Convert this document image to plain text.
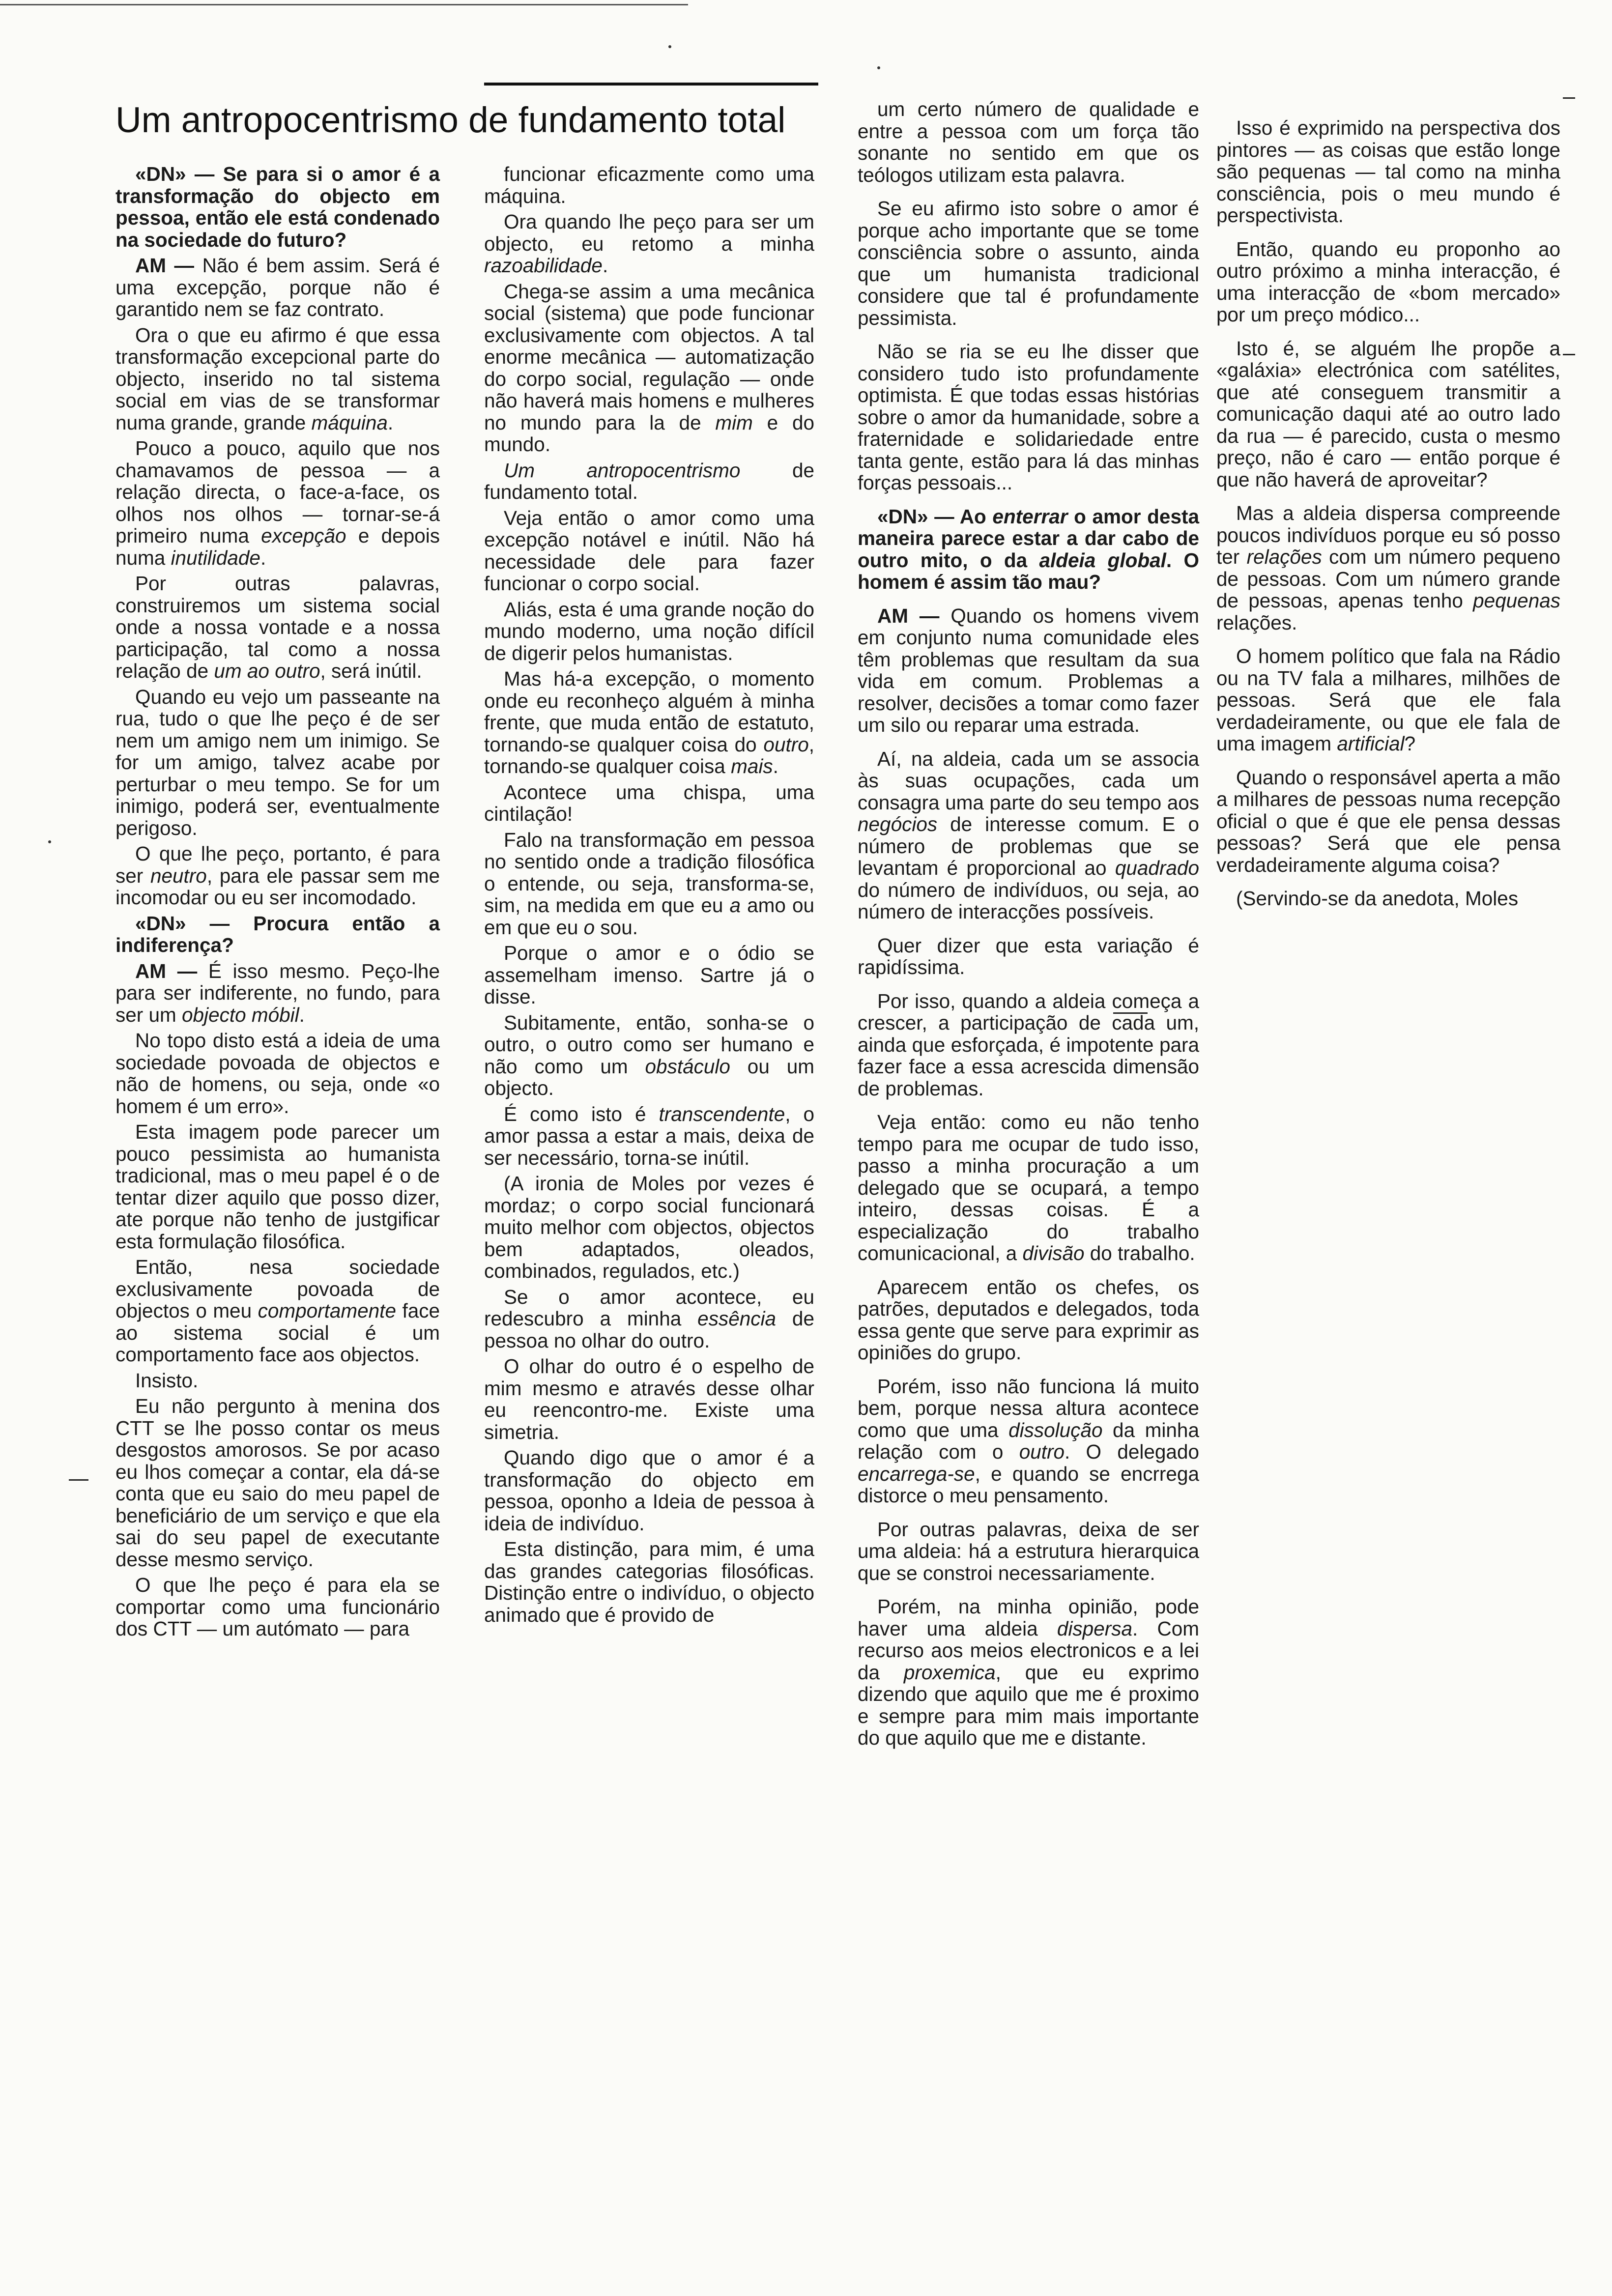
Um antropocentrismo de fundamento total

«DN» — Se para si o amor é a transformação do objecto em pessoa, então ele está condenado na sociedade do futuro?

AM — Não é bem assim. Será é uma excepção, porque não é garantido nem se faz contrato.

Ora o que eu afirmo é que essa transformação excepcional parte do objecto, inserido no tal sistema social em vias de se transformar numa grande, grande máquina.

Pouco a pouco, aquilo que nos chamavamos de pessoa — a relação directa, o face-a-face, os olhos nos olhos — tornar-se-á primeiro numa excepção e depois numa inutilidade.

Por outras palavras, construiremos um sistema social onde a nossa vontade e a nossa participação, tal como a nossa relação de um ao outro, será inútil.

Quando eu vejo um passeante na rua, tudo o que lhe peço é de ser nem um amigo nem um inimigo. Se for um amigo, talvez acabe por perturbar o meu tempo. Se for um inimigo, poderá ser, eventualmente perigoso.

O que lhe peço, portanto, é para ser neutro, para ele passar sem me incomodar ou eu ser incomodado.

«DN» — Procura então a indiferença?

AM — É isso mesmo. Peço-lhe para ser indiferente, no fundo, para ser um objecto móbil.

No topo disto está a ideia de uma sociedade povoada de objectos e não de homens, ou seja, onde «o homem é um erro».

Esta imagem pode parecer um pouco pessimista ao humanista tradicional, mas o meu papel é o de tentar dizer aquilo que posso dizer, ate porque não tenho de justgificar esta formulação filosófica.

Então, nesa sociedade exclusivamente povoada de objectos o meu comportamente face ao sistema social é um comportamento face aos objectos.

Insisto.

Eu não pergunto à menina dos CTT se lhe posso contar os meus desgostos amorosos. Se por acaso eu lhos começar a contar, ela dá-se conta que eu saio do meu papel de beneficiário de um serviço e que ela sai do seu papel de executante desse mesmo serviço.

O que lhe peço é para ela se comportar como uma funcionário dos CTT — um autómato — para

funcionar eficazmente como uma máquina.

Ora quando lhe peço para ser um objecto, eu retomo a minha razoabilidade.

Chega-se assim a uma mecânica social (sistema) que pode funcionar exclusivamente com objectos. A tal enorme mecânica — automatização do corpo social, regulação — onde não haverá mais homens e mulheres no mundo para la de mim e do mundo.

Um antropocentrismo de fundamento total.

Veja então o amor como uma excepção notável e inútil. Não há necessidade dele para fazer funcionar o corpo social.

Aliás, esta é uma grande noção do mundo moderno, uma noção difícil de digerir pelos humanistas.

Mas há-a excepção, o momento onde eu reconheço alguém à minha frente, que muda então de estatuto, tornando-se qualquer coisa do outro, tornando-se qualquer coisa mais.

Acontece uma chispa, uma cintilação!

Falo na transformação em pessoa no sentido onde a tradição filosófica o entende, ou seja, transforma-se, sim, na medida em que eu a amo ou em que eu o sou.

Porque o amor e o ódio se assemelham imenso. Sartre já o disse.

Subitamente, então, sonha-se o outro, o outro como ser humano e não como um obstáculo ou um objecto.

É como isto é transcendente, o amor passa a estar a mais, deixa de ser necessário, torna-se inútil.

(A ironia de Moles por vezes é mordaz; o corpo social funcionará muito melhor com objectos, objectos bem adaptados, oleados, combinados, regulados, etc.)

Se o amor acontece, eu redescubro a minha essência de pessoa no olhar do outro.

O olhar do outro é o espelho de mim mesmo e através desse olhar eu reencontro-me. Existe uma simetria.

Quando digo que o amor é a transformação do objecto em pessoa, oponho a Ideia de pessoa à ideia de indivíduo.

Esta distinção, para mim, é uma das grandes categorias filosóficas. Distinção entre o indivíduo, o objecto animado que é provido de

um certo número de qualidade e entre a pessoa com um força tão sonante no sentido em que os teólogos utilizam esta palavra.

Se eu afirmo isto sobre o amor é porque acho importante que se tome consciência sobre o assunto, ainda que um humanista tradicional considere que tal é profundamente pessimista.

Não se ria se eu lhe disser que considero tudo isto profundamente optimista. É que todas essas histórias sobre o amor da humanidade, sobre a fraternidade e solidariedade entre tanta gente, estão para lá das minhas forças pessoais...

«DN» — Ao enterrar o amor desta maneira parece estar a dar cabo de outro mito, o da aldeia global. O homem é assim tão mau?

AM — Quando os homens vivem em conjunto numa comunidade eles têm problemas que resultam da sua vida em comum. Problemas a resolver, decisões a tomar como fazer um silo ou reparar uma estrada.

Aí, na aldeia, cada um se associa às suas ocupações, cada um consagra uma parte do seu tempo aos negócios de interesse comum. E o número de problemas que se levantam é proporcional ao quadrado do número de indivíduos, ou seja, ao número de interacções possíveis.

Quer dizer que esta variação é rapidíssima.

Por isso, quando a aldeia começa a crescer, a participação de cada um, ainda que esforçada, é impotente para fazer face a essa acrescida dimensão de problemas.

Veja então: como eu não tenho tempo para me ocupar de tudo isso, passo a minha procuração a um delegado que se ocupará, a tempo inteiro, dessas coisas. É a especialização do trabalho comunicacional, a divisão do trabalho.

Aparecem então os chefes, os patrões, deputados e delegados, toda essa gente que serve para exprimir as opiniões do grupo.

Porém, isso não funciona lá muito bem, porque nessa altura acontece como que uma dissolução da minha relação com o outro. O delegado encarrega-se, e quando se encrrega distorce o meu pensamento.

Por outras palavras, deixa de ser uma aldeia: há a estrutura hierarquica que se constroi necessariamente.

Porém, na minha opinião, pode haver uma aldeia dispersa. Com recurso aos meios electronicos e a lei da proxemica, que eu exprimo dizendo que aquilo que me é proximo e sempre para mim mais importante do que aquilo que me e distante.

Isso é exprimido na perspectiva dos pintores — as coisas que estão longe são pequenas — tal como na minha consciência, pois o meu mundo é perspectivista.

Então, quando eu proponho ao outro próximo a minha interacção, é uma interacção de «bom mercado» por um preço módico...

Isto é, se alguém lhe propõe a «galáxia» electrónica com satélites, que até conseguem transmitir a comunicação daqui até ao outro lado da rua — é parecido, custa o mesmo preço, não é caro — então porque é que não haverá de aproveitar?

Mas a aldeia dispersa compreende poucos indivíduos porque eu só posso ter relações com um número pequeno de pessoas. Com um número grande de pessoas, apenas tenho pequenas relações.

O homem político que fala na Rádio ou na TV fala a milhares, milhões de pessoas. Será que ele fala verdadeiramente, ou que ele fala de uma imagem artificial?

Quando o responsável aperta a mão a milhares de pessoas numa recepção oficial o que é que ele pensa dessas pessoas? Será que ele pensa verdadeiramente alguma coisa?

(Servindo-se da anedota, Moles
